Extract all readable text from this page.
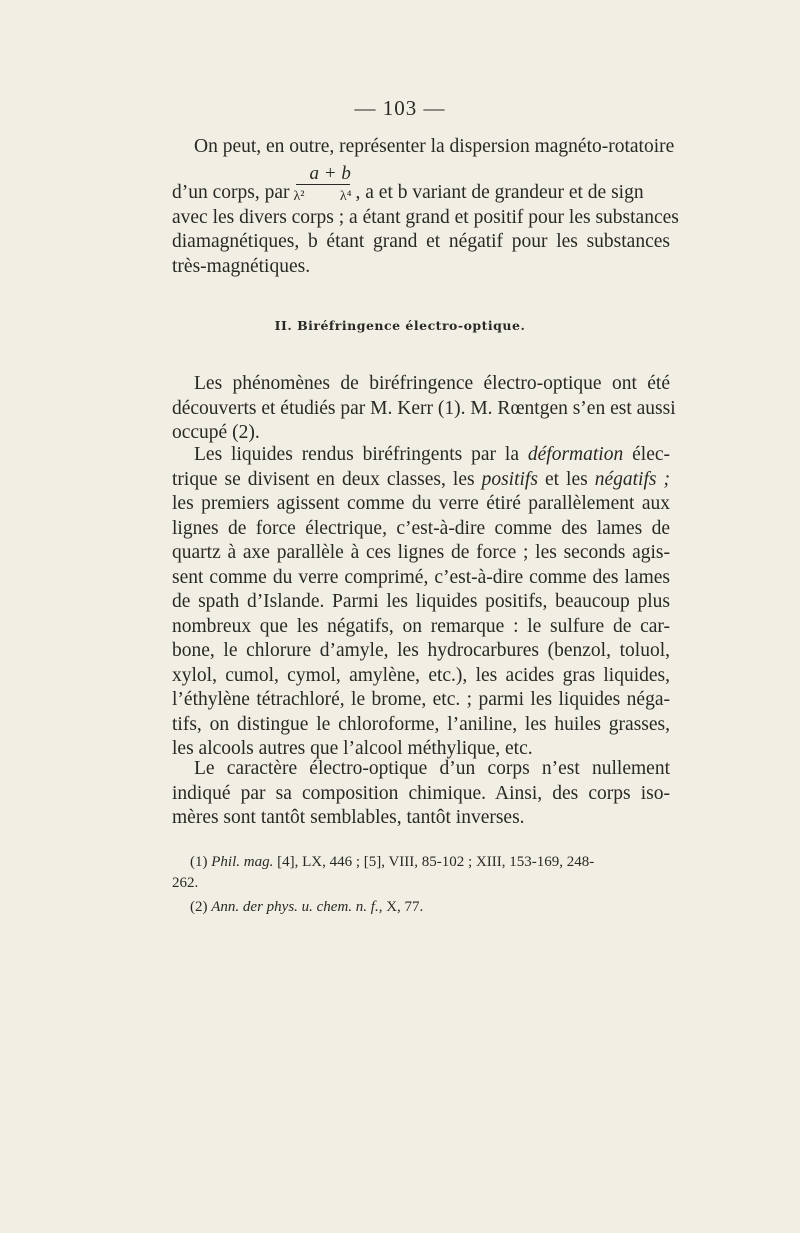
— 103 —
On peut, en outre, représenter la dispersion magnéto-rotatoire
d’un corps, par a + b
λ²	λ⁴ , a et b variant de grandeur et de sign
avec les divers corps ; a étant grand et positif pour les substances
diamagnétiques, b étant grand et négatif pour les substances
très-magnétiques.
II. Biréfringence électro-optique.
Les phénomènes de biréfringence électro-optique ont été
découverts et étudiés par M. Kerr (1). M. Rœntgen s’en est aussi
occupé (2).
Les liquides rendus biréfringents par la déformation élec-
trique se divisent en deux classes, les positifs et les négatifs ;
les premiers agissent comme du verre étiré parallèlement aux
lignes de force électrique, c’est-à-dire comme des lames de
quartz à axe parallèle à ces lignes de force ; les seconds agis-
sent comme du verre comprimé, c’est-à-dire comme des lames
de spath d’Islande. Parmi les liquides positifs, beaucoup plus
nombreux que les négatifs, on remarque : le sulfure de car-
bone, le chlorure d’amyle, les hydrocarbures (benzol, toluol,
xylol, cumol, cymol, amylène, etc.), les acides gras liquides,
l’éthylène tétrachloré, le brome, etc. ; parmi les liquides néga-
tifs, on distingue le chloroforme, l’aniline, les huiles grasses,
les alcools autres que l’alcool méthylique, etc.
Le caractère électro-optique d’un corps n’est nullement
indiqué par sa composition chimique. Ainsi, des corps iso-
mères sont tantôt semblables, tantôt inverses.
(1) Phil. mag. [4], LX, 446 ; [5], VIII, 85-102 ; XIII, 153-169, 248-
262.
(2) Ann. der phys. u. chem. n. f., X, 77.
